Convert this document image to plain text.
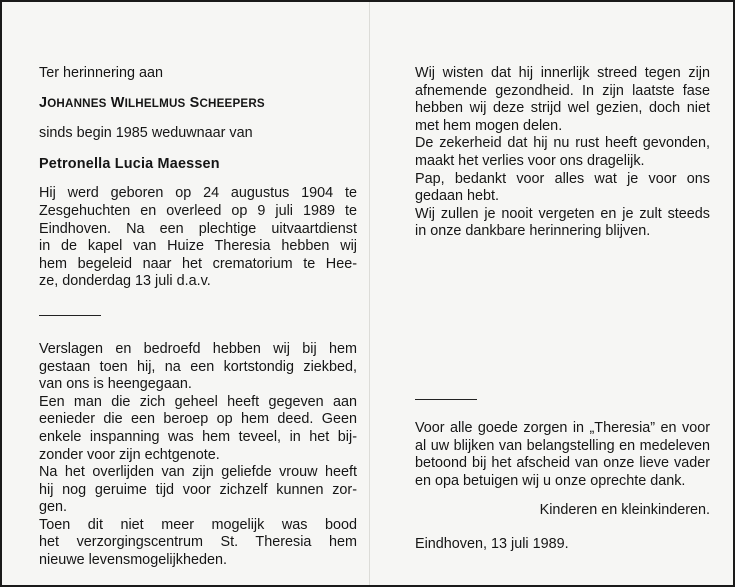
Ter herinnering aan
JOHANNES WILHELMUS SCHEEPERS
sinds begin 1985 weduwnaar van
Petronella Lucia Maessen
Hij werd geboren op 24 augustus 1904 te
Zesgehuchten en overleed op 9 juli 1989 te
Eindhoven. Na een plechtige uitvaartdienst
in de kapel van Huize Theresia hebben wij
hem begeleid naar het crematorium te Hee-
ze, donderdag 13 juli d.a.v.
Verslagen en bedroefd hebben wij bij hem
gestaan toen hij, na een kortstondig ziekbed,
van ons is heengegaan.
Een man die zich geheel heeft gegeven aan
eenieder die een beroep op hem deed. Geen
enkele inspanning was hem teveel, in het bij-
zonder voor zijn echtgenote.
Na het overlijden van zijn geliefde vrouw heeft
hij nog geruime tijd voor zichzelf kunnen zor-
gen.
Toen dit niet meer mogelijk was bood
het verzorgingscentrum St. Theresia hem
nieuwe levensmogelijkheden.
Wij wisten dat hij innerlijk streed tegen zijn
afnemende gezondheid. In zijn laatste fase
hebben wij deze strijd wel gezien, doch niet
met hem mogen delen.
De zekerheid dat hij nu rust heeft gevonden,
maakt het verlies voor ons dragelijk.
Pap, bedankt voor alles wat je voor ons
gedaan hebt.
Wij zullen je nooit vergeten en je zult steeds
in onze dankbare herinnering blijven.
Voor alle goede zorgen in „Theresia” en voor
al uw blijken van belangstelling en medeleven
betoond bij het afscheid van onze lieve vader
en opa betuigen wij u onze oprechte dank.
Kinderen en kleinkinderen.
Eindhoven, 13 juli 1989.
